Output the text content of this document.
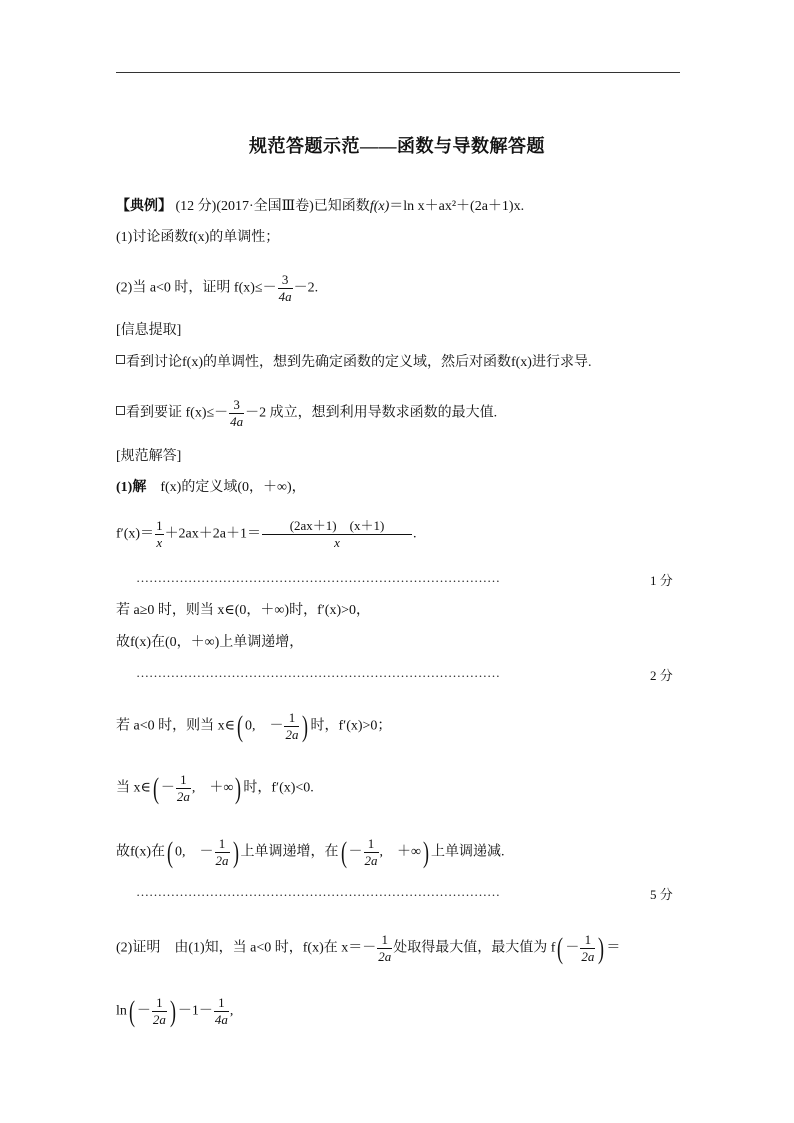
规范答题示范——函数与导数解答题
【典例】 (12 分)(2017·全国Ⅲ卷)已知函数f(x)＝ln x＋ax²＋(2a＋1)x.
(1)讨论函数f(x)的单调性；
(2)当 a<0 时，证明 $f(x)\le- \frac{3}{4a} -2$.
[信息提取]
看到讨论f(x)的单调性，想到先确定函数的定义域，然后对函数f(x)进行求导.
看到要证 $f(x)\le- \frac{3}{4a} -2$ 成立，想到利用导数求函数的最大值.
[规范解答]
(1)解　 f(x)的定义域(0，＋∞)，
$f'(x)= \frac{1}{x} +2ax+2a+1= \frac{(2ax+1) (x+1)}{x}$ .
…………………………………………………………………………	1 分
若 a≥0 时，则当 x∈(0，＋∞)时，f′(x)>0，
故f(x)在(0，＋∞)上单调递增，
…………………………………………………………………………	2 分
若 a<0 时，则当 x∈( 0,　－ $\frac{1}{2a}$ ) 时，f′(x)>0；
当 x∈( － $\frac{1}{2a}$ ,　＋∞) 时，f′(x)<0.
故f(x)在( 0,　－ $\frac{1}{2a}$ ) 上单调递增，在( － $\frac{1}{2a}$ ,　＋∞) 上单调递减.
…………………………………………………………………………	5 分
(2)证明　 由(1)知，当 a<0 时，f(x)在 $x=- \frac{1}{2a}$ 处取得最大值，最大值为 $f( - \frac{1}{2a}$ ) ＝
$\ln( - \frac{1}{2a}$ ) $-1- \frac{1}{4a}$ ,
